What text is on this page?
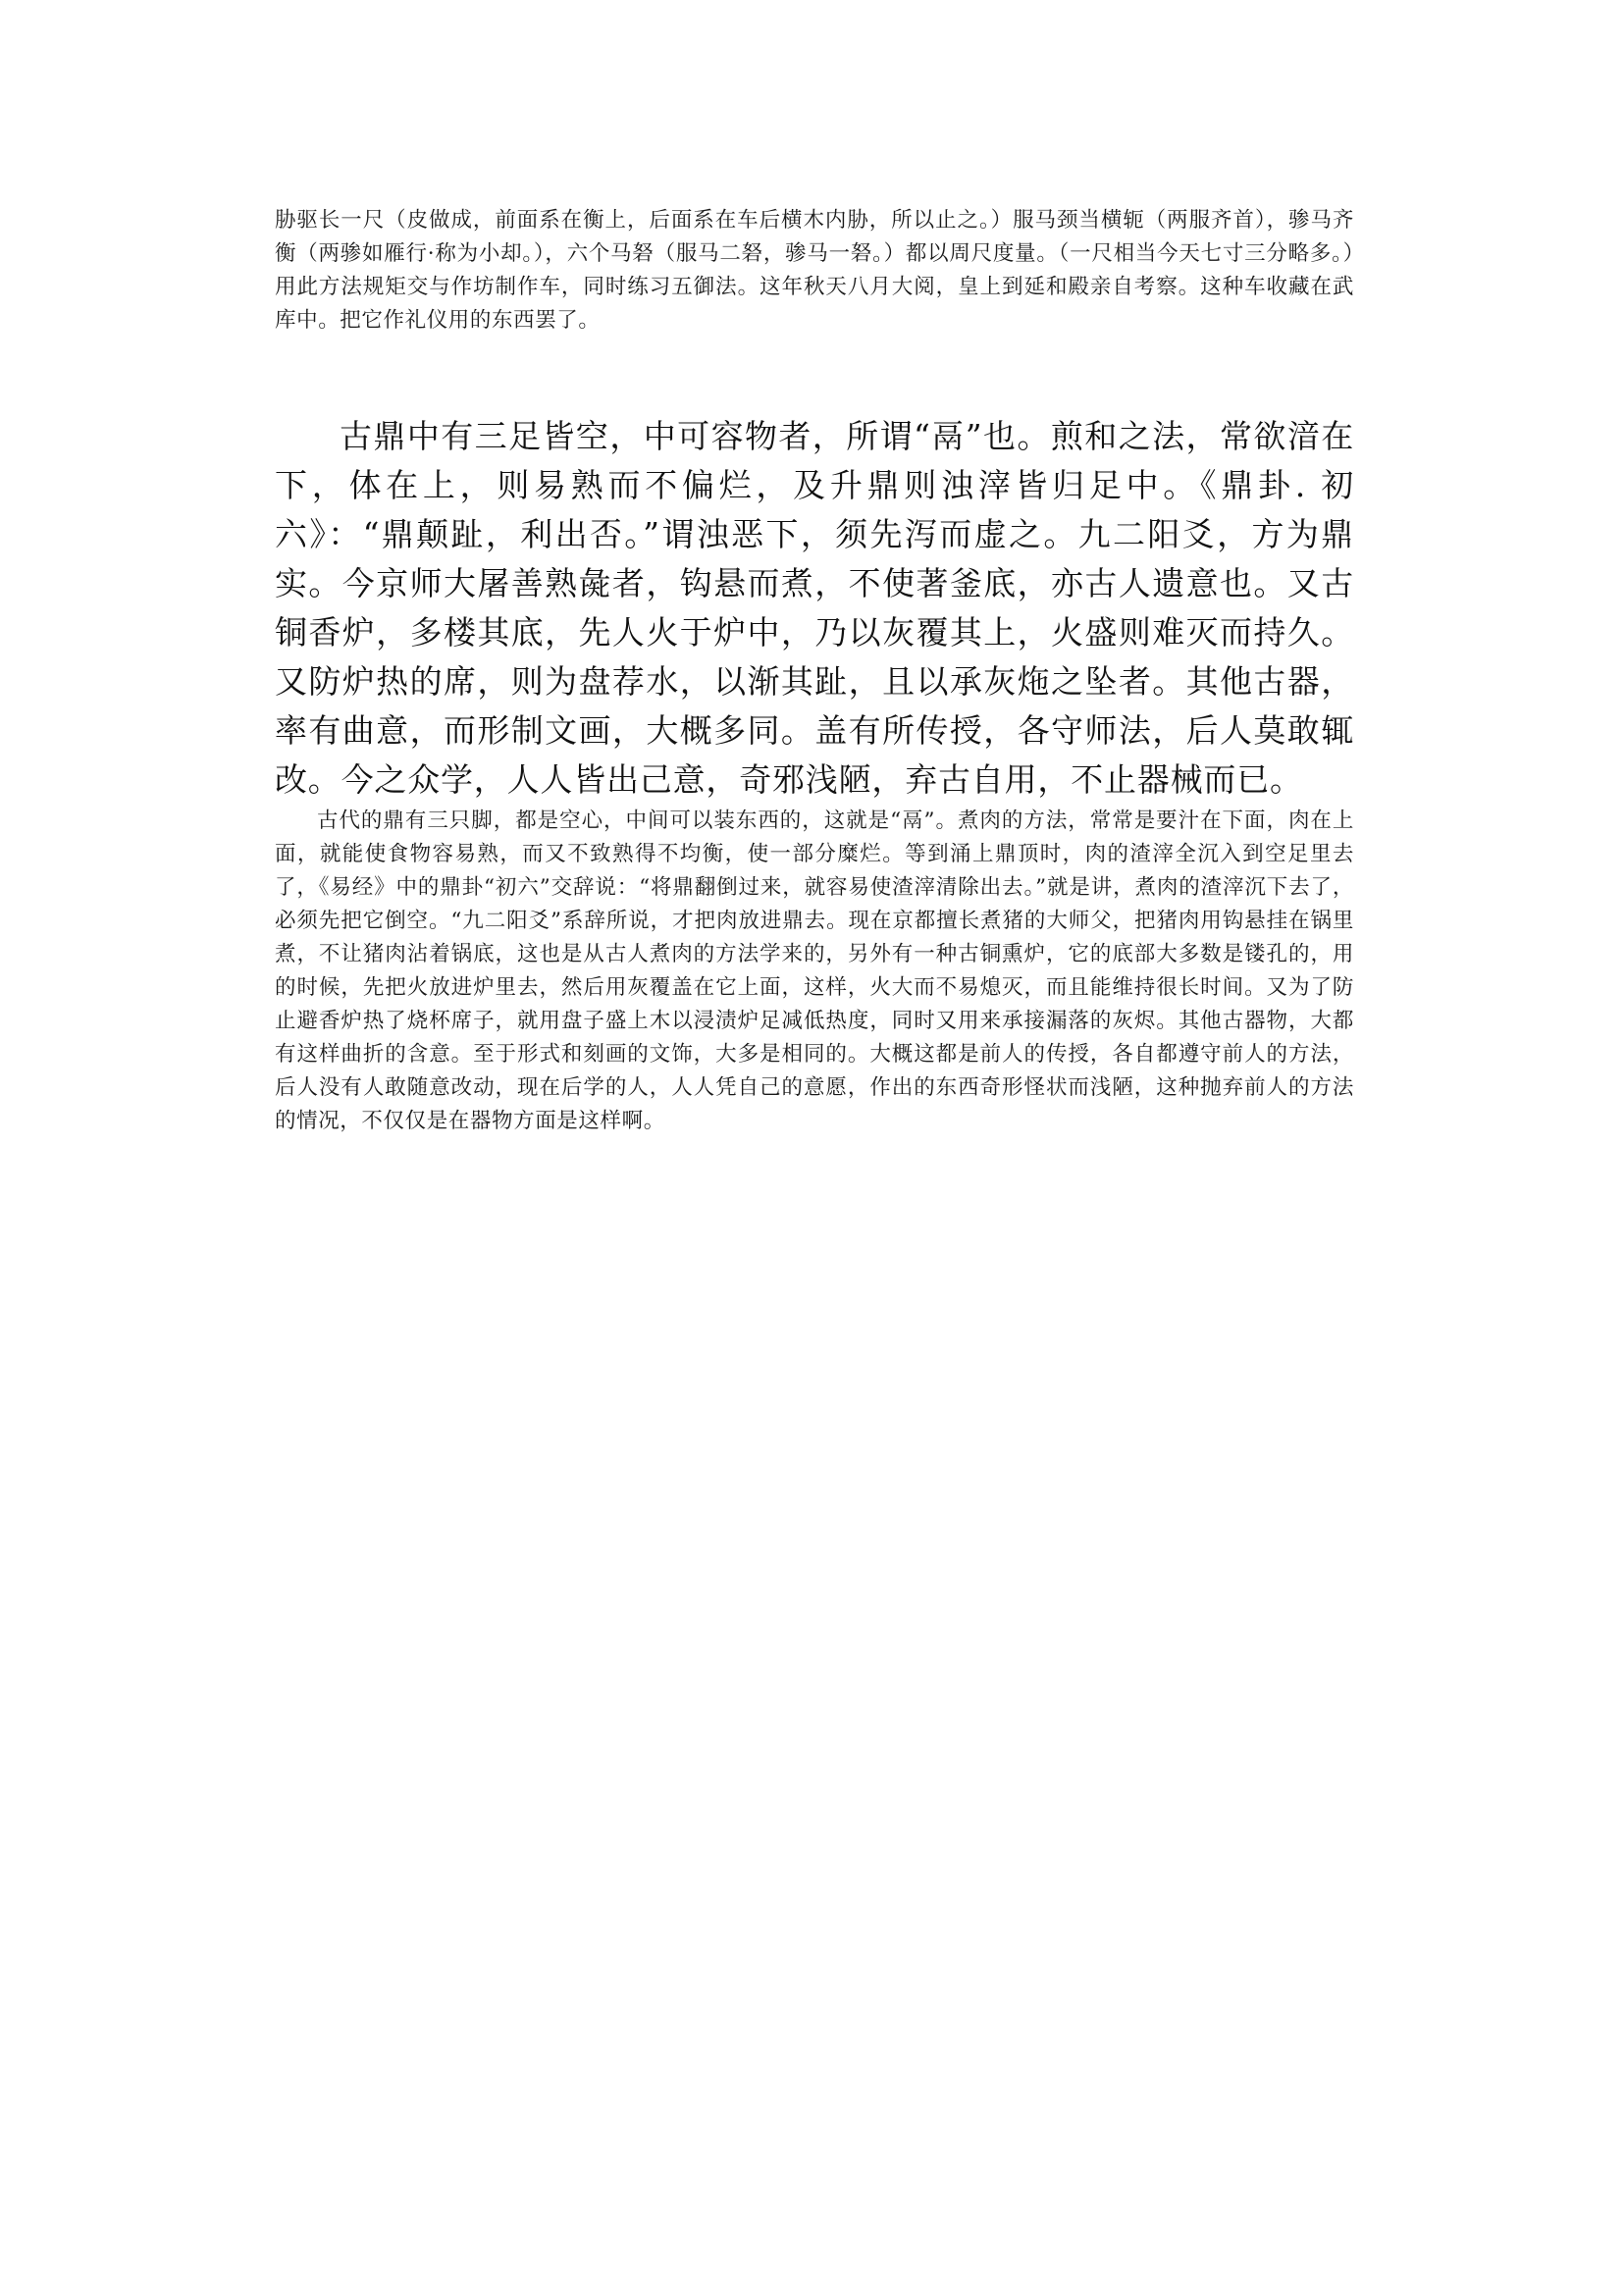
胁驱长一尺（皮做成，前面系在衡上，后面系在车后横木内胁，所以止之。）服马颈当横轭（两服齐首），骖马齐衡（两骖如雁行·称为小却。），六个马砮（服马二砮，骖马一砮。）都以周尺度量。（一尺相当今天七寸三分略多。）用此方法规矩交与作坊制作车，同时练习五御法。这年秋天八月大阅，皇上到延和殿亲自考察。这种车收藏在武库中。把它作礼仪用的东西罢了。

古鼎中有三足皆空，中可容物者，所谓“鬲”也。煎和之法，常欲湆在下，体在上，则易熟而不偏烂，及升鼎则浊滓皆归足中。《鼎卦. 初六》：“鼎颠趾，利出否。”谓浊恶下，须先泻而虚之。九二阳爻，方为鼎实。今京师大屠善熟彘者，钩悬而煮，不使著釜底，亦古人遗意也。又古铜香炉，多楼其底，先人火于炉中，乃以灰覆其上，火盛则难灭而持久。又防炉热的席，则为盘荐水，以渐其趾，且以承灰炧之坠者。其他古器，率有曲意，而形制文画，大概多同。盖有所传授，各守师法，后人莫敢辄改。今之众学，人人皆出己意，奇邪浅陋，弃古自用，不止器械而已。

古代的鼎有三只脚，都是空心，中间可以装东西的，这就是“鬲”。煮肉的方法，常常是要汁在下面，肉在上面，就能使食物容易熟，而又不致熟得不均衡，使一部分糜烂。等到涌上鼎顶时，肉的渣滓全沉入到空足里去了，《易经》中的鼎卦“初六”交辞说：“将鼎翻倒过来，就容易使渣滓清除出去。”就是讲，煮肉的渣滓沉下去了，必须先把它倒空。“九二阳爻”系辞所说，才把肉放进鼎去。现在京都擅长煮猪的大师父，把猪肉用钩悬挂在锅里煮，不让猪肉沾着锅底，这也是从古人煮肉的方法学来的，另外有一种古铜熏炉，它的底部大多数是镂孔的，用的时候，先把火放进炉里去，然后用灰覆盖在它上面，这样，火大而不易熄灭，而且能维持很长时间。又为了防止避香炉热了烧杯席子，就用盘子盛上木以浸渍炉足减低热度，同时又用来承接漏落的灰烬。其他古器物，大都有这样曲折的含意。至于形式和刻画的文饰，大多是相同的。大概这都是前人的传授，各自都遵守前人的方法，后人没有人敢随意改动，现在后学的人，人人凭自己的意愿，作出的东西奇形怪状而浅陋，这种抛弃前人的方法的情况，不仅仅是在器物方面是这样啊。
